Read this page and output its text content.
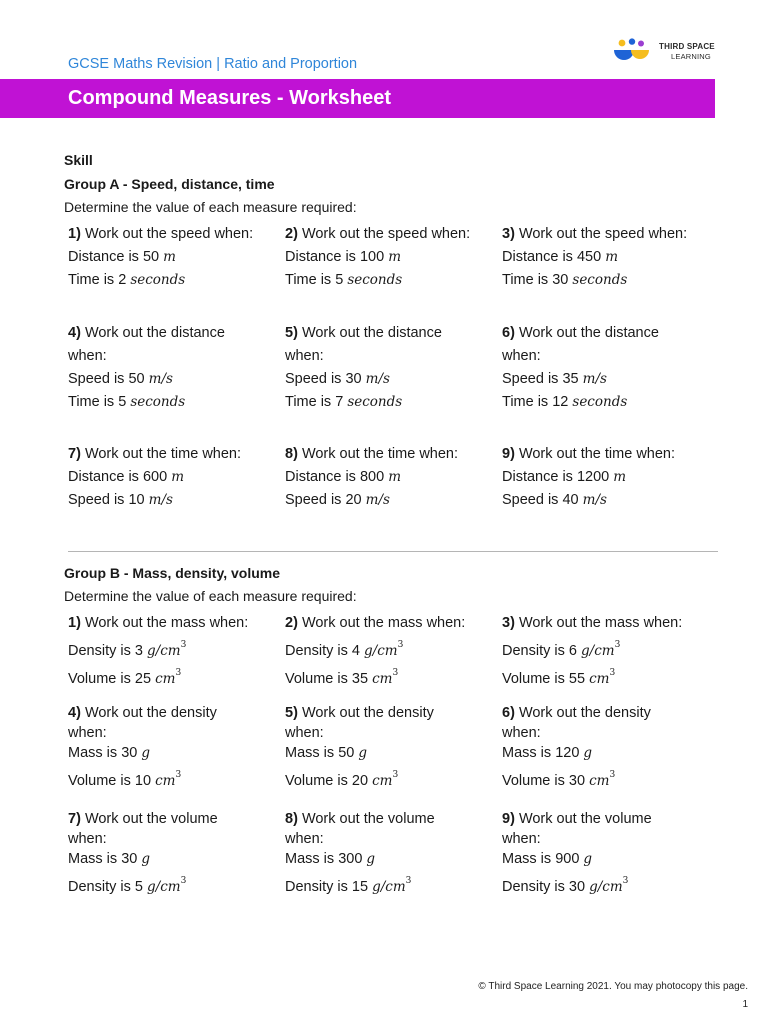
GCSE Maths Revision | Ratio and Proportion
THIRD SPACE
LEARNING
Compound Measures - Worksheet
Skill
Group A - Speed, distance, time
Determine the value of each measure required:
1) Work out the speed when:
Distance is 50 m
Time is 2 seconds
2) Work out the speed when:
Distance is 100 m
Time is 5 seconds
3) Work out the speed when:
Distance is 450 m
Time is 30 seconds
4) Work out the distance
when:
Speed is 50 m/s
Time is 5 seconds
5) Work out the distance
when:
Speed is 30 m/s
Time is 7 seconds
6) Work out the distance
when:
Speed is 35 m/s
Time is 12 seconds
7) Work out the time when:
Distance is 600 m
Speed is 10 m/s
8) Work out the time when:
Distance is 800 m
Speed is 20 m/s
9) Work out the time when:
Distance is 1200 m
Speed is 40 m/s
Group B - Mass, density, volume
Determine the value of each measure required:
1) Work out the mass when:
Density is 3 $g/cm^3$
Volume is 25 $cm^3$
2) Work out the mass when:
Density is 4 $g/cm^3$
Volume is 35 $cm^3$
3) Work out the mass when:
Density is 6 $g/cm^3$
Volume is 55 $cm^3$
4) Work out the density
when:
Mass is 30 g
Volume is 10 $cm^3$
5) Work out the density
when:
Mass is 50 g
Volume is 20 $cm^3$
6) Work out the density
when:
Mass is 120 g
Volume is 30 $cm^3$
7) Work out the volume
when:
Mass is 30 g
Density is 5 $g/cm^3$
8) Work out the volume
when:
Mass is 300 g
Density is 15 $g/cm^3$
9) Work out the volume
when:
Mass is 900 g
Density is 30 $g/cm^3$
© Third Space Learning 2021. You may photocopy this page.
1
